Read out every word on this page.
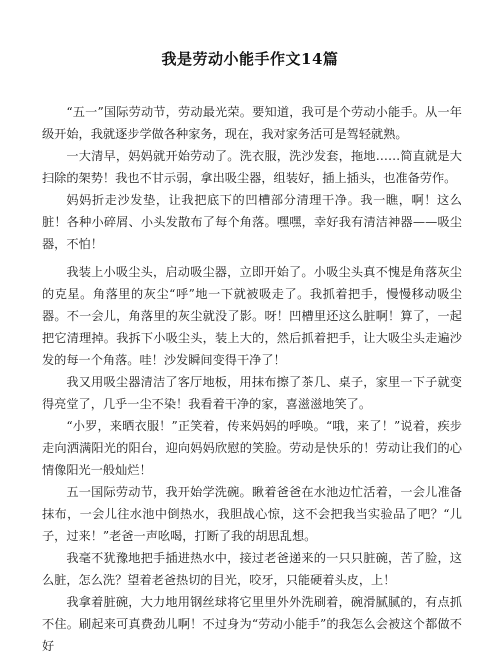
我是劳动小能手作文14篇

“五一”国际劳动节，劳动最光荣。要知道，我可是个劳动小能手。从一年级开始，我就逐步学做各种家务，现在，我对家务活可是驾轻就熟。

一大清早，妈妈就开始劳动了。洗衣服，洗沙发套，拖地……简直就是大扫除的架势！我也不甘示弱，拿出吸尘器，组装好，插上插头，也准备劳作。

妈妈折走沙发垫，让我把底下的凹槽部分清理干净。我一瞧，啊！这么脏！各种小碎屑、小头发散布了每个角落。嘿嘿，幸好我有清洁神器——吸尘器，不怕！

我装上小吸尘头，启动吸尘器，立即开始了。小吸尘头真不愧是角落灰尘的克星。角落里的灰尘“呼”地一下就被吸走了。我抓着把手，慢慢移动吸尘器。不一会儿，角落里的灰尘就没了影。呀！凹槽里还这么脏啊！算了，一起把它清理掉。我拆下小吸尘头，装上大的，然后抓着把手，让大吸尘头走遍沙发的每一个角落。哇！沙发瞬间变得干净了！

我又用吸尘器清洁了客厅地板，用抹布擦了茶几、桌子，家里一下子就变得亮堂了，几乎一尘不染！我看着干净的家，喜滋滋地笑了。

“小罗，来晒衣服！”正笑着，传来妈妈的呼唤。“哦，来了！”说着，疾步走向洒满阳光的阳台，迎向妈妈欣慰的笑脸。劳动是快乐的！劳动让我们的心情像阳光一般灿烂！

五一国际劳动节，我开始学洗碗。瞅着爸爸在水池边忙活着，一会儿准备抹布，一会儿往水池中倒热水，我胆战心惊，这不会把我当实验品了吧？“儿子，过来！”老爸一声吆喝，打断了我的胡思乱想。

我毫不犹豫地把手插进热水中，接过老爸递来的一只只脏碗，苦了脸，这么脏，怎么洗？望着老爸热切的目光，咬牙，只能硬着头皮，上！

我拿着脏碗，大力地用钢丝球将它里里外外洗刷着，碗滑腻腻的，有点抓不住。刷起来可真费劲儿啊！不过身为“劳动小能手”的我怎么会被这个都做不好
